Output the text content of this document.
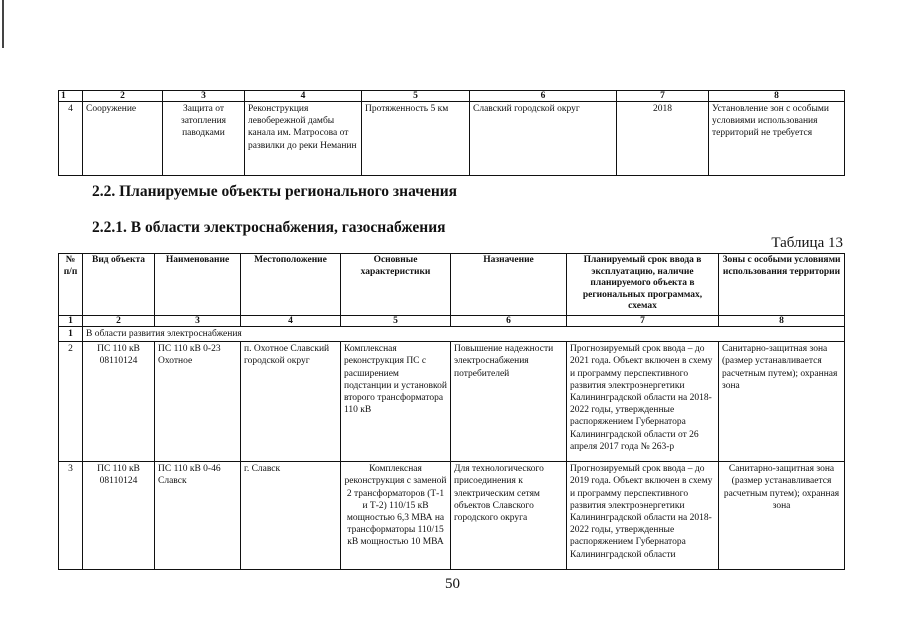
1	2	3	4	5	6	7	8
4	Сооружение	Защита от затопления паводками	Реконструкция левобережной дамбы канала им. Матросова от развилки до реки Неманин	Протяженность 5 км	Славский городской округ	2018	Установление зон с особыми условиями использования территорий не требуется
2.2. Планируемые объекты регионального значения
2.2.1. В области электроснабжения, газоснабжения
Таблица 13
№ п/п	Вид объекта	Наименование	Местоположение	Основные характеристики	Назначение	Планируемый срок ввода в эксплуатацию, наличие планируемого объекта в региональных программах, схемах	Зоны с особыми условиями использования территории
1	2	3	4	5	6	7	8
1	В области развития электроснабжения						
2	ПС 110 кВ 08110124	ПС 110 кВ 0-23 Охотное	п. Охотное Славский городской округ	Комплексная реконструкция ПС с расширением подстанции и установкой второго трансформатора 110 кВ	Повышение надежности электроснабжения потребителей	Прогнозируемый срок ввода – до 2021 года. Объект включен в схему и программу перспективного развития электроэнергетики Калининградской области на 2018-2022 годы, утвержденные распоряжением Губернатора Калининградской области от 26 апреля 2017 года № 263-р	Санитарно-защитная зона (размер устанавливается расчетным путем); охранная зона
3	ПС 110 кВ 08110124	ПС 110 кВ 0-46 Славск	г. Славск	Комплексная реконструкция с заменой 2 трансформаторов (Т-1 и Т-2) 110/15 кВ мощностью 6,3 МВА на трансформаторы 110/15 кВ мощностью 10 МВА	Для технологического присоединения к электрическим сетям объектов Славского городского округа	Прогнозируемый срок ввода – до 2019 года. Объект включен в схему и программу перспективного развития электроэнергетики Калининградской области на 2018-2022 годы, утвержденные распоряжением Губернатора Калининградской области	Санитарно-защитная зона (размер устанавливается расчетным путем); охранная зона
50
